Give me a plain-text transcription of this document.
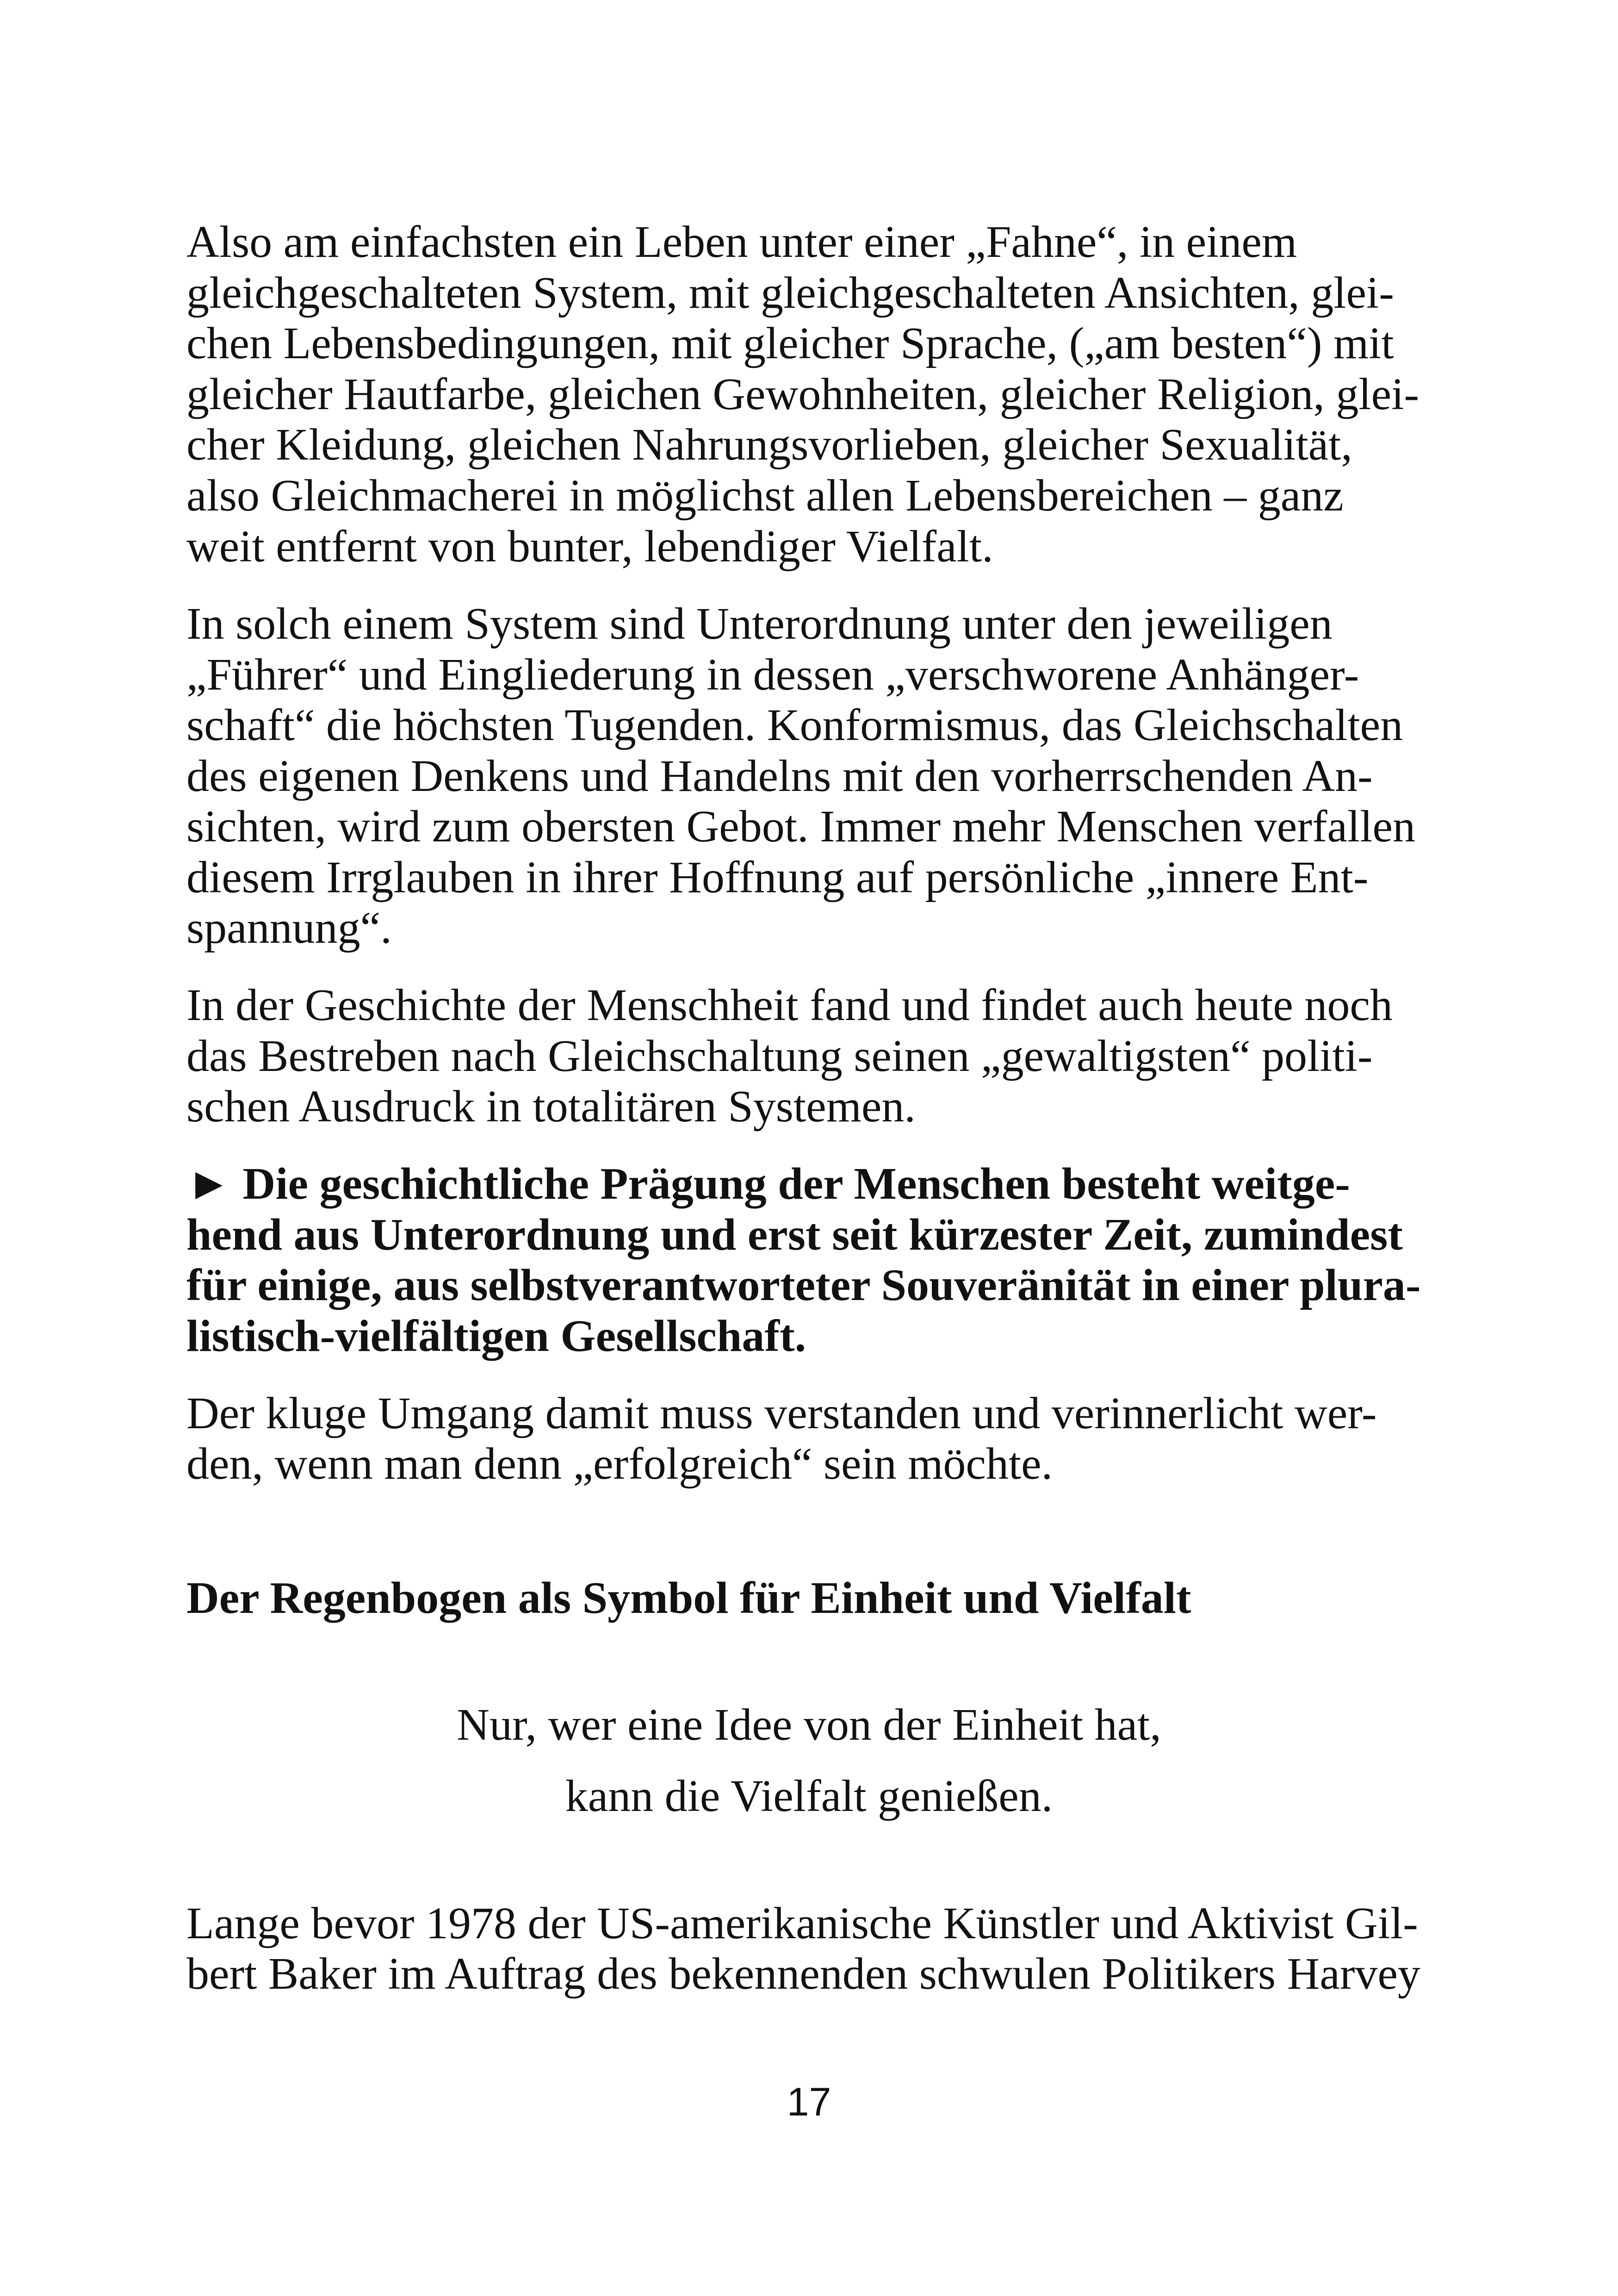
Also am einfachsten ein Leben unter einer „Fahne“, in einem
gleichgeschalteten System, mit gleichgeschalteten Ansichten, glei-
chen Lebensbedingungen, mit gleicher Sprache, („am besten“) mit
gleicher Hautfarbe, gleichen Gewohnheiten, gleicher Religion, glei-
cher Kleidung, gleichen Nahrungsvorlieben, gleicher Sexualität,
also Gleichmacherei in möglichst allen Lebensbereichen – ganz
weit entfernt von bunter, lebendiger Vielfalt.
In solch einem System sind Unterordnung unter den jeweiligen
„Führer“ und Eingliederung in dessen „verschworene Anhänger-
schaft“ die höchsten Tugenden. Konformismus, das Gleichschalten
des eigenen Denkens und Handelns mit den vorherrschenden An-
sichten, wird zum obersten Gebot. Immer mehr Menschen verfallen
diesem Irrglauben in ihrer Hoffnung auf persönliche „innere Ent-
spannung“.
In der Geschichte der Menschheit fand und findet auch heute noch
das Bestreben nach Gleichschaltung seinen „gewaltigsten“ politi-
schen Ausdruck in totalitären Systemen.
► Die geschichtliche Prägung der Menschen besteht weitge-
hend aus Unterordnung und erst seit kürzester Zeit, zumindest
für einige, aus selbstverantworteter Souveränität in einer plura-
listisch-vielfältigen Gesellschaft.
Der kluge Umgang damit muss verstanden und verinnerlicht wer-
den, wenn man denn „erfolgreich“ sein möchte.
Der Regenbogen als Symbol für Einheit und Vielfalt
Nur, wer eine Idee von der Einheit hat,
kann die Vielfalt genießen.
Lange bevor 1978 der US-amerikanische Künstler und Aktivist Gil-
bert Baker im Auftrag des bekennenden schwulen Politikers Harvey
17
